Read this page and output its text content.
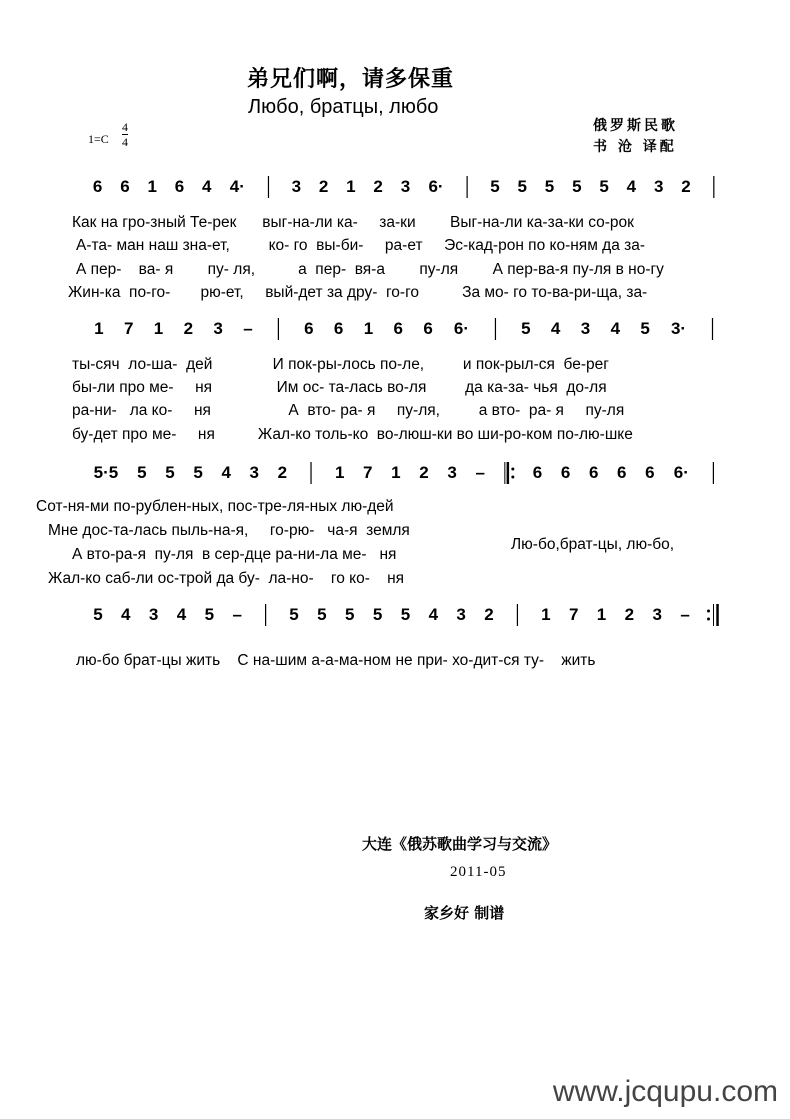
弟兄们啊，请多保重
Любо, братцы, любо
俄罗斯民歌
书 沧 译配
1=C
4
4
6 6 1 6 4 4·	3 2 1 2 3 6·	5 5 5 5 5 4 3 2
1 7 1 2 3 –	6 6 1 6 6 6·	5 4 3 4 5 3·
5·5 5 5 5 4 3 2	1 7 1 2 3 –	6 6 6 6 6 6·
5 4 3 4 5 –	5 5 5 5 5 4 3 2	1 7 1 2 3 –
Как на гро-зный Те-рек      выг-на-ли ка-     за-ки        Выг-на-ли ка-за-ки со-рок
А-та- ман наш зна-ет,         ко- го  вы-би-     ра-ет     Эс-кад-рон по ко-ням да за-
А пер-    ва- я        пу- ля,          а  пер-  вя-а        пу-ля        А пер-ва-я пу-ля в но-гу
Жин-ка  по-го-       рю-ет,     вый-дет за дру-  го-го          За мо- го то-ва-ри-ща, за-
ты-сяч  ло-ша-  дей              И пок-ры-лось по-ле,         и пок-рыл-ся  бе-рег
бы-ли про ме-     ня               Им ос- та-лась во-ля         да ка-за- чья  до-ля
ра-ни-   ла ко-     ня                  А  вто- ра- я     пу-ля,         а вто-  ра- я     пу-ля
бу-дет про ме-     ня          Жал-ко толь-ко  во-люш-ки во ши-ро-ком по-лю-шке
Сот-ня-ми по-рублен-ных, пос-тре-ля-ных лю-дей
Мне дос-та-лась пыль-на-я,     го-рю-   ча-я  земля
А вто-ра-я  пу-ля  в сер-дце ра-ни-ла ме-   ня
Жал-ко саб-ли ос-трой да бу-  ла-но-    го ко-    ня
Лю-бо,брат-цы, лю-бо,
лю-бо брат-цы жить    С на-шим а-а-ма-ном не при- хо-дит-ся ту-    жить
大连《俄苏歌曲学习与交流》
2011-05
家乡好 制谱
www.jcqupu.com
